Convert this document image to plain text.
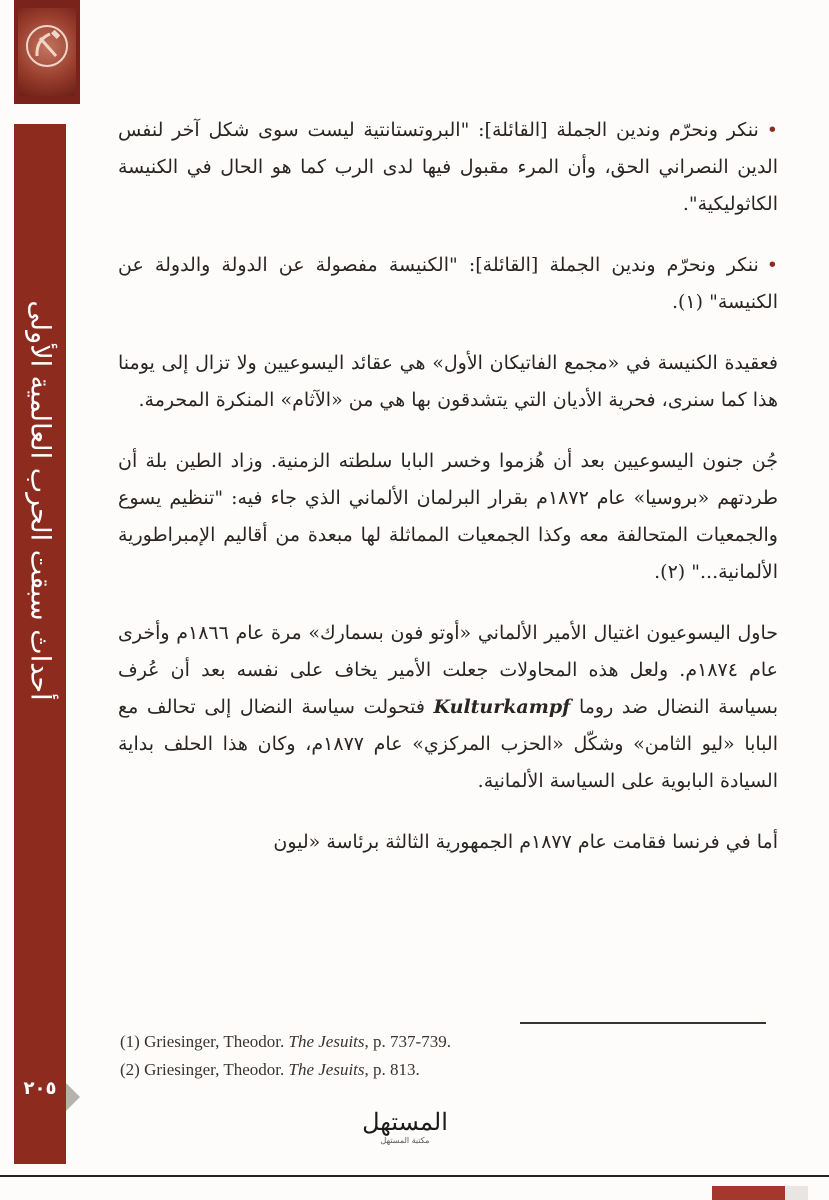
أحداث سبقت الحرب العالمية الأولى
٢٠٥

•ننكر ونحرّم وندين الجملة [القائلة]: "البروتستانتية ليست سوى شكل آخر لنفس الدين النصراني الحق، وأن المرء مقبول فيها لدى الرب كما هو الحال في الكنيسة الكاثوليكية".

•ننكر ونحرّم وندين الجملة [القائلة]: "الكنيسة مفصولة عن الدولة والدولة عن الكنيسة" (١).

فعقيدة الكنيسة في «مجمع الفاتيكان الأول» هي عقائد اليسوعيين ولا تزال إلى يومنا هذا كما سنرى، فحرية الأديان التي يتشدقون بها هي من «الآثام» المنكرة المحرمة.

جُن جنون اليسوعيين بعد أن هُزموا وخسر البابا سلطته الزمنية. وزاد الطين بلة أن طردتهم «بروسيا» عام ١٨٧٢م بقرار البرلمان الألماني الذي جاء فيه: "تنظيم يسوع والجمعيات المتحالفة معه وكذا الجمعيات المماثلة لها مبعدة من أقاليم الإمبراطورية الألمانية..." (٢).

حاول اليسوعيون اغتيال الأمير الألماني «أوتو فون بسمارك» مرة عام ١٨٦٦م وأخرى عام ١٨٧٤م. ولعل هذه المحاولات جعلت الأمير يخاف على نفسه بعد أن عُرف بسياسة النضال ضد روما Kulturkampf فتحولت سياسة النضال إلى تحالف مع البابا «ليو الثامن» وشكّل «الحزب المركزي» عام ١٨٧٧م، وكان هذا الحلف بداية السيادة البابوية على السياسة الألمانية.

أما في فرنسا فقامت عام ١٨٧٧م الجمهورية الثالثة برئاسة «ليون

(1) Griesinger, Theodor. The Jesuits, p. 737-739.

(2) Griesinger, Theodor. The Jesuits, p. 813.

المستهل
مكتبة المستهل
